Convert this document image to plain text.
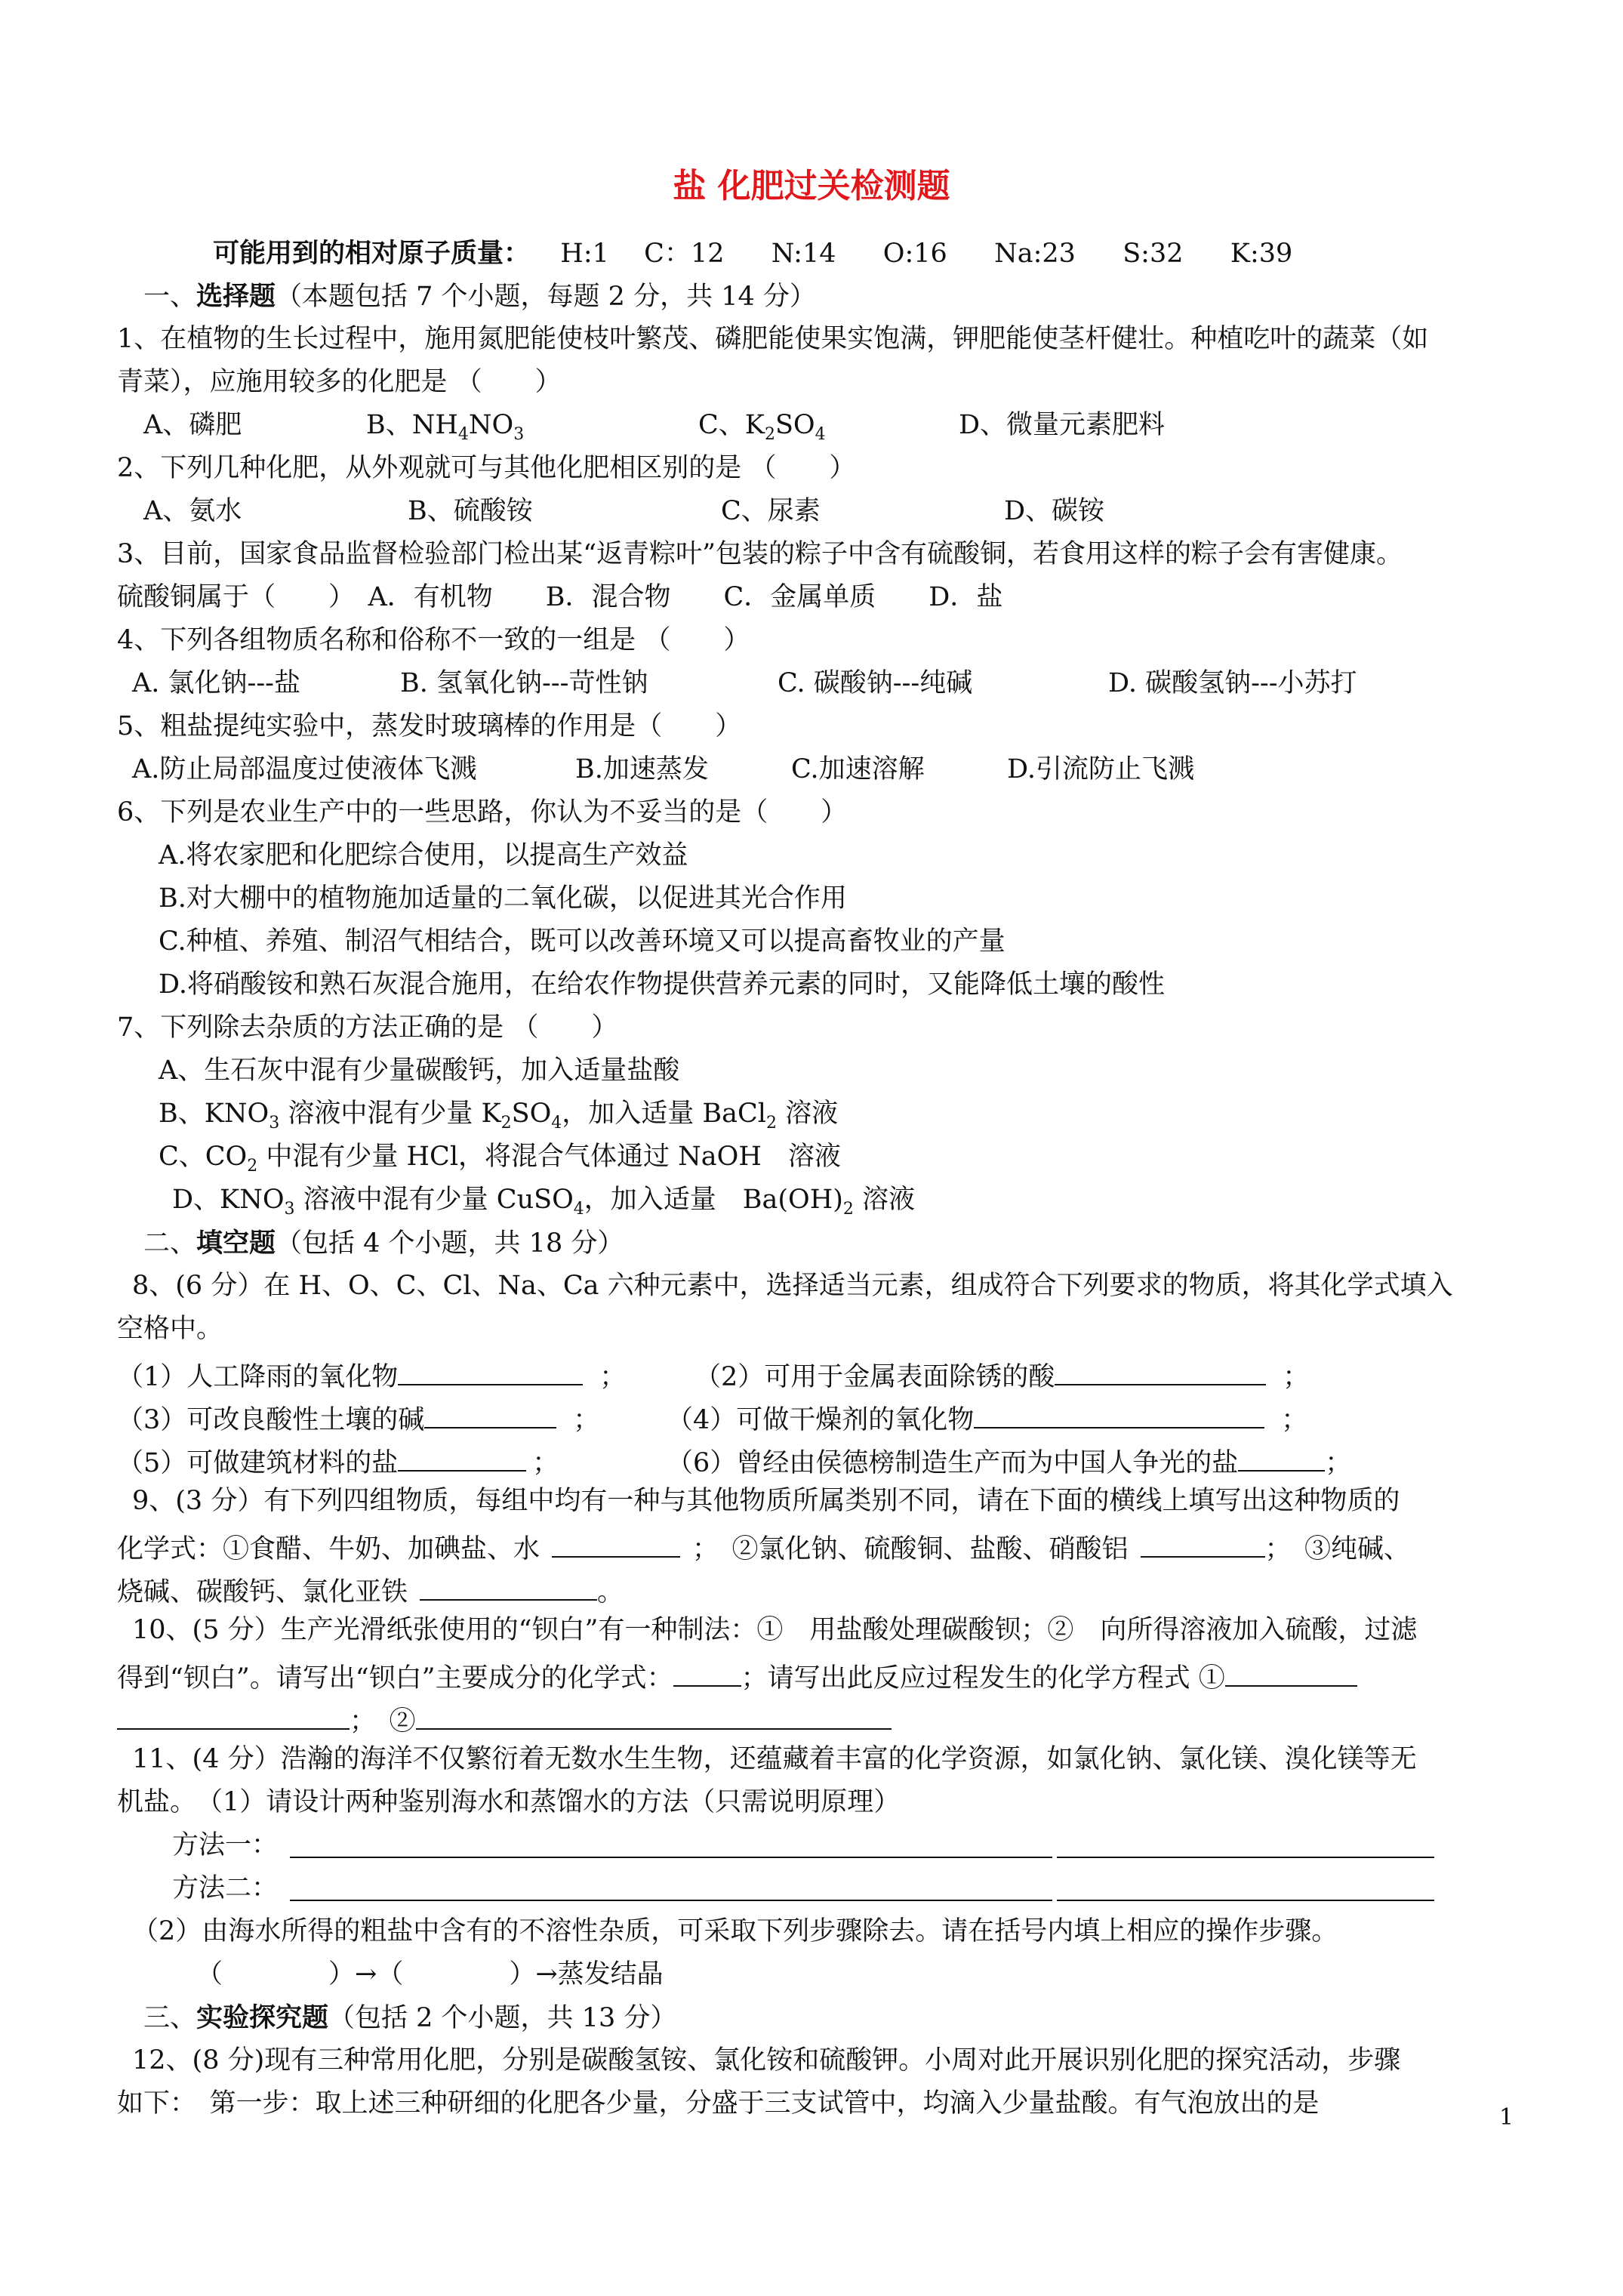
盐 化肥过关检测题
可能用到的相对原子质量： H:1 C：12 N:14 O:16 Na:23 S:32 K:39
一、选择题（本题包括 7 个小题，每题 2 分，共 14 分）
1、在植物的生长过程中，施用氮肥能使枝叶繁茂、磷肥能使果实饱满，钾肥能使茎杆健壮。种植吃叶的蔬菜（如
青菜），应施用较多的化肥是 （　　）
A、磷肥	B、$NH_4NO_3$	C、$K_2SO_4$	D、微量元素肥料
2、下列几种化肥，从外观就可与其他化肥相区别的是 （　　）
A、氨水	B、硫酸铵	C、尿素	D、碳铵
3、目前，国家食品监督检验部门检出某“返青粽叶”包装的粽子中含有硫酸铜，若食用这样的粽子会有害健康。
硫酸铜属于（　　）　A．有机物　　B．混合物　　C．金属单质　　D．盐
4、下列各组物质名称和俗称不一致的一组是 （　　）
A. 氯化钠---盐	B. 氢氧化钠---苛性钠	C. 碳酸钠---纯碱	D. 碳酸氢钠---小苏打
5、粗盐提纯实验中，蒸发时玻璃棒的作用是（　　）
A.防止局部温度过使液体飞溅	B.加速蒸发	C.加速溶解	D.引流防止飞溅
6、下列是农业生产中的一些思路，你认为不妥当的是（　　）
A.将农家肥和化肥综合使用，以提高生产效益
B.对大棚中的植物施加适量的二氧化碳，以促进其光合作用
C.种植、养殖、制沼气相结合，既可以改善环境又可以提高畜牧业的产量
D.将硝酸铵和熟石灰混合施用，在给农作物提供营养元素的同时，又能降低土壤的酸性
7、下列除去杂质的方法正确的是 （　　）
A、生石灰中混有少量碳酸钙，加入适量盐酸
B、$KNO_3$ 溶液中混有少量 $K_2SO_4$，加入适量 BaCl$_2$ 溶液
C、$CO_2$ 中混有少量 HCl，将混合气体通过 NaOH　溶液
D、$KNO_3$ 溶液中混有少量 CuSO$_4$，加入适量　$Ba(OH)_2$ 溶液
二、填空题（包括 4 个小题，共 18 分）
8、(6 分）在 H、O、C、Cl、Na、Ca 六种元素中，选择适当元素，组成符合下列要求的物质，将其化学式填入
空格中。
（1）人工降雨的氧化物	；	（2）可用于金属表面除锈的酸	；
（3）可改良酸性土壤的碱	；	（4）可做干燥剂的氧化物	；
（5）可做建筑材料的盐	；	（6）曾经由侯德榜制造生产而为中国人争光的盐	；
9、(3 分）有下列四组物质，每组中均有一种与其他物质所属类别不同，请在下面的横线上填写出这种物质的
化学式：①食醋、牛奶、加碘盐、水	；　②氯化钠、硫酸铜、盐酸、硝酸铝	；　③纯碱、
烧碱、碳酸钙、氯化亚铁	。
10、(5 分）生产光滑纸张使用的“钡白”有一种制法：①　用盐酸处理碳酸钡；②　向所得溶液加入硫酸，过滤
得到“钡白”。请写出“钡白”主要成分的化学式：	；请写出此反应过程发生的化学方程式 ①
；　②
11、(4 分）浩瀚的海洋不仅繁衍着无数水生生物，还蕴藏着丰富的化学资源，如氯化钠、氯化镁、溴化镁等无
机盐。　（1）请设计两种鉴别海水和蒸馏水的方法（只需说明原理）
方法一：
方法二：
（2）由海水所得的粗盐中含有的不溶性杂质，可采取下列步骤除去。请在括号内填上相应的操作步骤。
（　　　　）→（　　　　）→蒸发结晶
三、实验探究题（包括 2 个小题，共 13 分）
12、(8 分)现有三种常用化肥，分别是碳酸氢铵、氯化铵和硫酸钾。小周对此开展识别化肥的探究活动，步骤
如下：　第一步：取上述三种研细的化肥各少量，分盛于三支试管中，均滴入少量盐酸。有气泡放出的是	1
